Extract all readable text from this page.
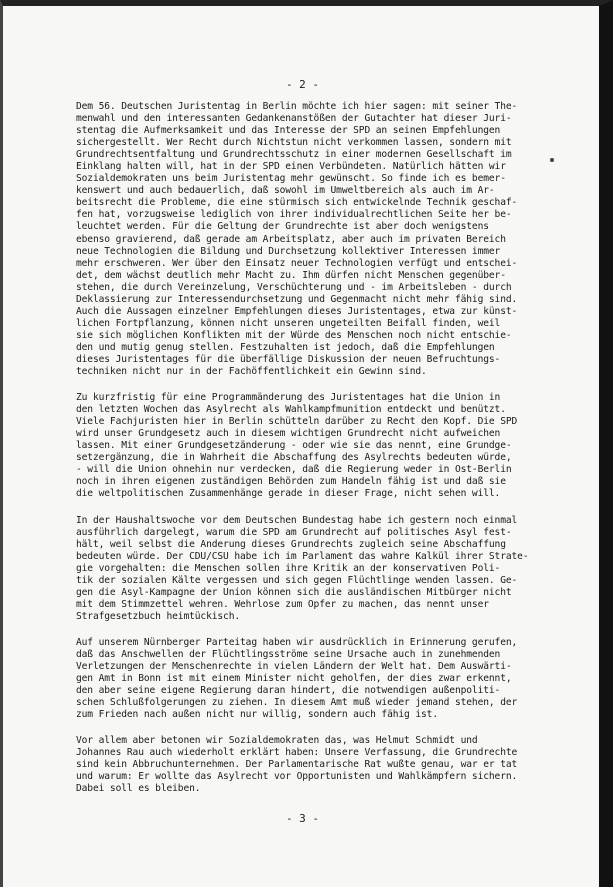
- 2 -
Dem 56. Deutschen Juristentag in Berlin möchte ich hier sagen: mit seiner The-
menwahl und den interessanten Gedankenanstößen der Gutachter hat dieser Juri-
stentag die Aufmerksamkeit und das Interesse der SPD an seinen Empfehlungen
sichergestellt. Wer Recht durch Nichtstun nicht verkommen lassen, sondern mit
Grundrechtsentfaltung und Grundrechtsschutz in einer modernen Gesellschaft im
Einklang halten will, hat in der SPD einen Verbündeten. Natürlich hätten wir
Sozialdemokraten uns beim Juristentag mehr gewünscht. So finde ich es bemer-
kenswert und auch bedauerlich, daß sowohl im Umweltbereich als auch im Ar-
beitsrecht die Probleme, die eine stürmisch sich entwickelnde Technik geschaf-
fen hat, vorzugsweise lediglich von ihrer individualrechtlichen Seite her be-
leuchtet werden. Für die Geltung der Grundrechte ist aber doch wenigstens
ebenso gravierend, daß gerade am Arbeitsplatz, aber auch im privaten Bereich
neue Technologien die Bildung und Durchsetzung kollektiver Interessen immer
mehr erschweren. Wer über den Einsatz neuer Technologien verfügt und entschei-
det, dem wächst deutlich mehr Macht zu. Ihm dürfen nicht Menschen gegenüber-
stehen, die durch Vereinzelung, Verschüchterung und - im Arbeitsleben - durch
Deklassierung zur Interessendurchsetzung und Gegenmacht nicht mehr fähig sind.
Auch die Aussagen einzelner Empfehlungen dieses Juristentages, etwa zur künst-
lichen Fortpflanzung, können nicht unseren ungeteilten Beifall finden, weil
sie sich möglichen Konflikten mit der Würde des Menschen noch nicht entschie-
den und mutig genug stellen. Festzuhalten ist jedoch, daß die Empfehlungen
dieses Juristentages für die überfällige Diskussion der neuen Befruchtungs-
techniken nicht nur in der Fachöffentlichkeit ein Gewinn sind.
Zu kurzfristig für eine Programmänderung des Juristentages hat die Union in
den letzten Wochen das Asylrecht als Wahlkampfmunition entdeckt und benützt.
Viele Fachjuristen hier in Berlin schütteln darüber zu Recht den Kopf. Die SPD
wird unser Grundgesetz auch in diesem wichtigen Grundrecht nicht aufweichen
lassen. Mit einer Grundgesetzänderung - oder wie sie das nennt, eine Grundge-
setzergänzung, die in Wahrheit die Abschaffung des Asylrechts bedeuten würde,
- will die Union ohnehin nur verdecken, daß die Regierung weder in Ost-Berlin
noch in ihren eigenen zuständigen Behörden zum Handeln fähig ist und daß sie
die weltpolitischen Zusammenhänge gerade in dieser Frage, nicht sehen will.
In der Haushaltswoche vor dem Deutschen Bundestag habe ich gestern noch einmal
ausführlich dargelegt, warum die SPD am Grundrecht auf politisches Asyl fest-
hält, weil selbst die Änderung dieses Grundrechts zugleich seine Abschaffung
bedeuten würde. Der CDU/CSU habe ich im Parlament das wahre Kalkül ihrer Strate-
gie vorgehalten: die Menschen sollen ihre Kritik an der konservativen Poli-
tik der sozialen Kälte vergessen und sich gegen Flüchtlinge wenden lassen. Ge-
gen die Asyl-Kampagne der Union können sich die ausländischen Mitbürger nicht
mit dem Stimmzettel wehren. Wehrlose zum Opfer zu machen, das nennt unser
Strafgesetzbuch heimtückisch.
Auf unserem Nürnberger Parteitag haben wir ausdrücklich in Erinnerung gerufen,
daß das Anschwellen der Flüchtlingsströme seine Ursache auch in zunehmenden
Verletzungen der Menschenrechte in vielen Ländern der Welt hat. Dem Auswärti-
gen Amt in Bonn ist mit einem Minister nicht geholfen, der dies zwar erkennt,
den aber seine eigene Regierung daran hindert, die notwendigen außenpoliti-
schen Schlußfolgerungen zu ziehen. In diesem Amt muß wieder jemand stehen, der
zum Frieden nach außen nicht nur willig, sondern auch fähig ist.
Vor allem aber betonen wir Sozialdemokraten das, was Helmut Schmidt und
Johannes Rau auch wiederholt erklärt haben: Unsere Verfassung, die Grundrechte
sind kein Abbruchunternehmen. Der Parlamentarische Rat wußte genau, war er tat
und warum: Er wollte das Asylrecht vor Opportunisten und Wahlkämpfern sichern.
Dabei soll es bleiben.
- 3 -
